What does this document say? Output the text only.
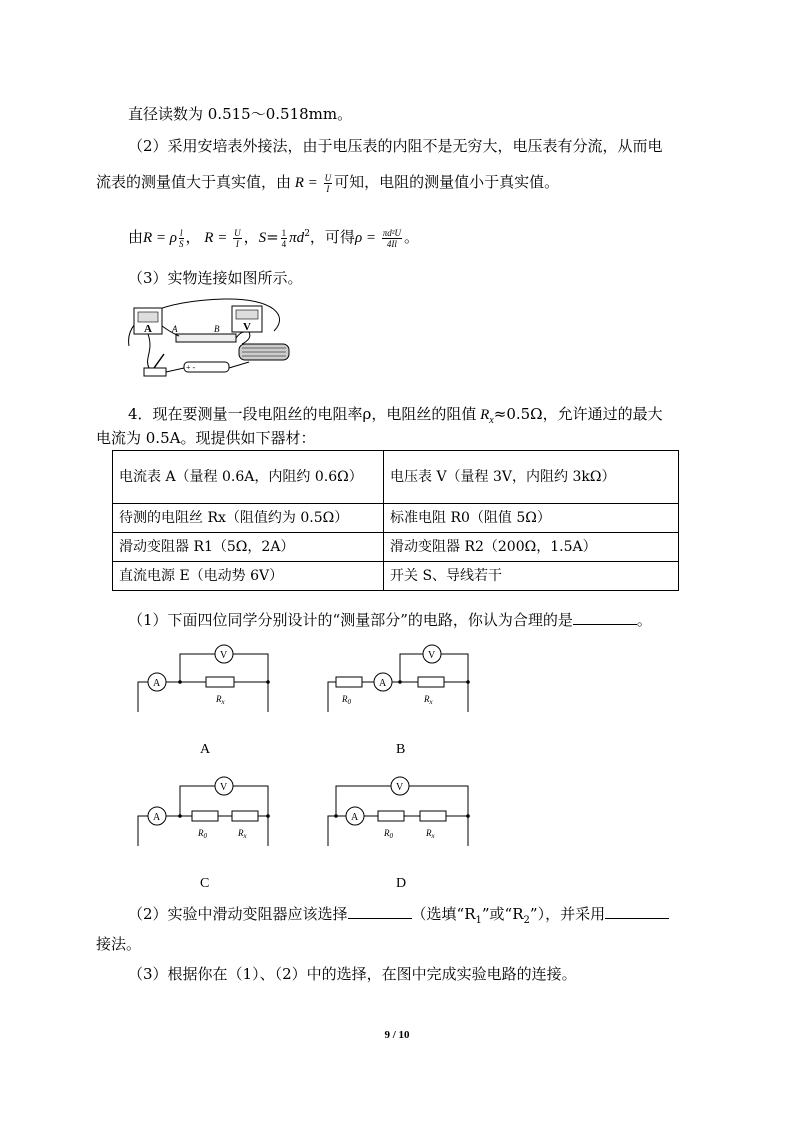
直径读数为 0.515～0.518mm。
（2）采用安培表外接法，由于电压表的内阻不是无穷大，电压表有分流，从而电
流表的测量值大于真实值，由 $R = \frac{U}{I}$ 可知，电阻的测量值小于真实值。
由R = ρ $\frac{l}{S}$ ， $R = \frac{U}{I}$ ，$S= \frac{1}{4} \pi d^2$，可得$\rho = \frac{\text{πd²U}}{4Il}$ 。
（3）实物连接如图所示。
A	V
A	B
+ -
4．现在要测量一段电阻丝的电阻率ρ，电阻丝的阻值 $R_x\approx 0.5\Omega$，允许通过的最大
电流为 0.5A。现提供如下器材：
电流表 A（量程 0.6A，内阻约 0.6Ω）	电压表 V（量程 3V，内阻约 3kΩ）
待测的电阻丝 Rx（阻值约为 0.5Ω）	标准电阻 R0（阻值 5Ω）
滑动变阻器 R1（5Ω，2A）	滑动变阻器 R2（200Ω，1.5A）
直流电源 E（电动势 6V）	开关 S、导线若干
（1）下面四位同学分别设计的“测量部分”的电路，你认为合理的是	。
A
V
$R_x$
A
A
V
$R_0$	$R_x$
B
A
V
$R_0$	$R_x$
C
A
V
$R_0$	$R_x$
D
（2）实验中滑动变阻器应该选择	（选填“$R_1$”或“$R_2$”），并采用
接法。
（3）根据你在（1）、（2）中的选择，在图中完成实验电路的连接。
9 / 10
